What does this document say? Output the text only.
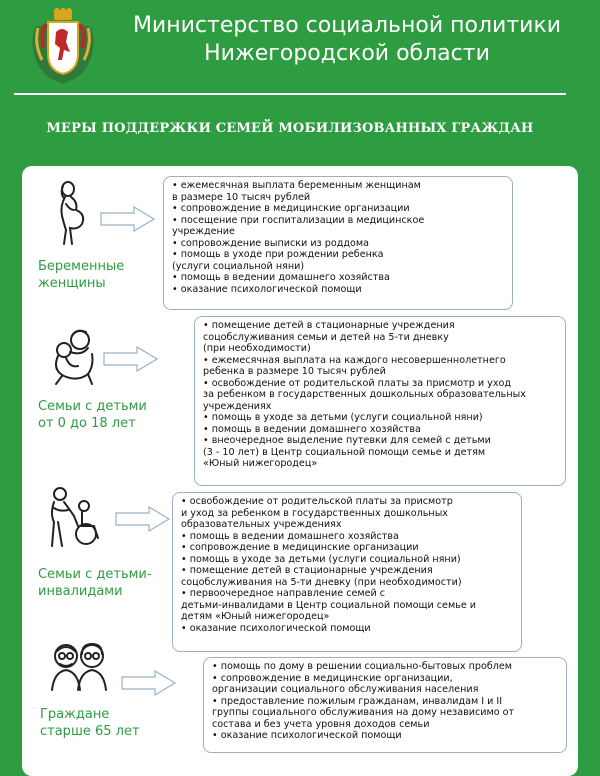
Министерство социальной политики
Нижегородской области
МЕРЫ ПОДДЕРЖКИ СЕМЕЙ МОБИЛИЗОВАННЫХ ГРАЖДАН
Беременные
женщины
• ежемесячная выплата беременным женщинам
в размере 10 тысяч рублей
• сопровождение в медицинские организации
• посещение при госпитализации в медицинское
учреждение
• сопровождение выписки из роддома
• помощь в уходе при рождении ребенка
(услуги социальной няни)
• помощь в ведении домашнего хозяйства
• оказание психологической помощи
Семьи с детьми
от 0 до 18 лет
• помещение детей в стационарные учреждения
соцобслуживания семьи и детей на 5-ти дневку
(при необходимости)
• ежемесячная выплата на каждого несовершеннолетнего
ребенка в размере 10 тысяч рублей
• освобождение от родительской платы за присмотр и уход
за ребенком в государственных дошкольных образовательных
учреждениях
• помощь в уходе за детьми (услуги социальной няни)
• помощь в ведении домашнего хозяйства
• внеочередное выделение путевки для семей с детьми
(3 - 10 лет) в Центр социальной помощи семье и детям
«Юный нижегородец»
Семьи с детьми-
инвалидами
• освобождение от родительской платы за присмотр
и уход за ребенком в государственных дошкольных
образовательных учреждениях
• помощь в ведении домашнего хозяйства
• сопровождение в медицинские организации
• помощь в уходе за детьми (услуги социальной няни)
• помещение детей в стационарные учреждения
соцобслуживания на 5-ти дневку (при необходимости)
• первоочередное направление семей с
детьми-инвалидами в Центр социальной помощи семье и
детям «Юный нижегородец»
• оказание психологической помощи
Граждане
старше 65 лет
• помощь по дому в решении социально-бытовых проблем
• сопровождение в медицинские организации,
организации социального обслуживания населения
• предоставление пожилым гражданам, инвалидам I и II
группы социального обслуживания на дому независимо от
состава и без учета уровня доходов семьи
• оказание психологической помощи
